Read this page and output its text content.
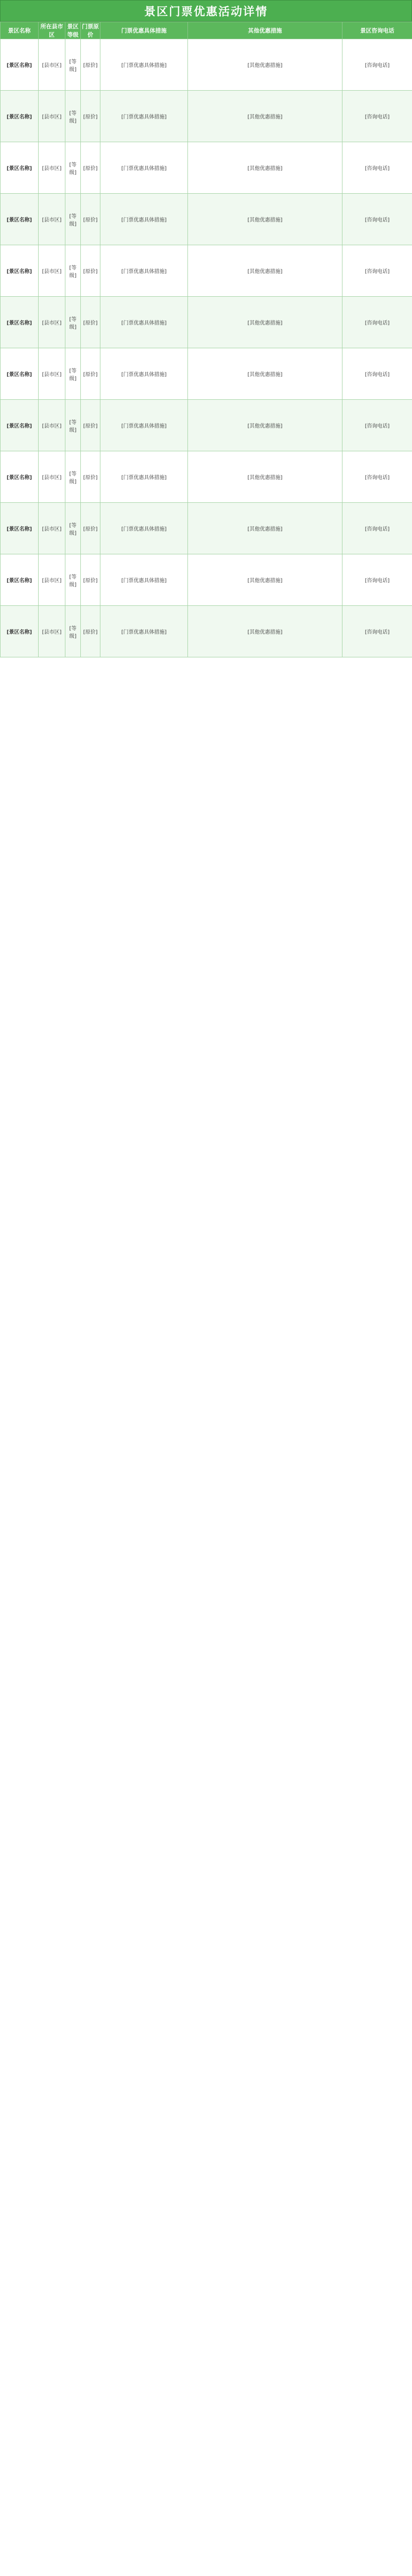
景区门票优惠活动详情
景区名称	所在县市区	景区等级	门票原价	门票优惠具体措施	其他优惠措施	景区咨询电话
[景区名称]	[县市区]	[等级]	[原价]	[门票优惠具体措施]	[其他优惠措施]	[咨询电话]
[景区名称]	[县市区]	[等级]	[原价]	[门票优惠具体措施]	[其他优惠措施]	[咨询电话]
[景区名称]	[县市区]	[等级]	[原价]	[门票优惠具体措施]	[其他优惠措施]	[咨询电话]
[景区名称]	[县市区]	[等级]	[原价]	[门票优惠具体措施]	[其他优惠措施]	[咨询电话]
[景区名称]	[县市区]	[等级]	[原价]	[门票优惠具体措施]	[其他优惠措施]	[咨询电话]
[景区名称]	[县市区]	[等级]	[原价]	[门票优惠具体措施]	[其他优惠措施]	[咨询电话]
[景区名称]	[县市区]	[等级]	[原价]	[门票优惠具体措施]	[其他优惠措施]	[咨询电话]
[景区名称]	[县市区]	[等级]	[原价]	[门票优惠具体措施]	[其他优惠措施]	[咨询电话]
[景区名称]	[县市区]	[等级]	[原价]	[门票优惠具体措施]	[其他优惠措施]	[咨询电话]
[景区名称]	[县市区]	[等级]	[原价]	[门票优惠具体措施]	[其他优惠措施]	[咨询电话]
[景区名称]	[县市区]	[等级]	[原价]	[门票优惠具体措施]	[其他优惠措施]	[咨询电话]
[景区名称]	[县市区]	[等级]	[原价]	[门票优惠具体措施]	[其他优惠措施]	[咨询电话]
